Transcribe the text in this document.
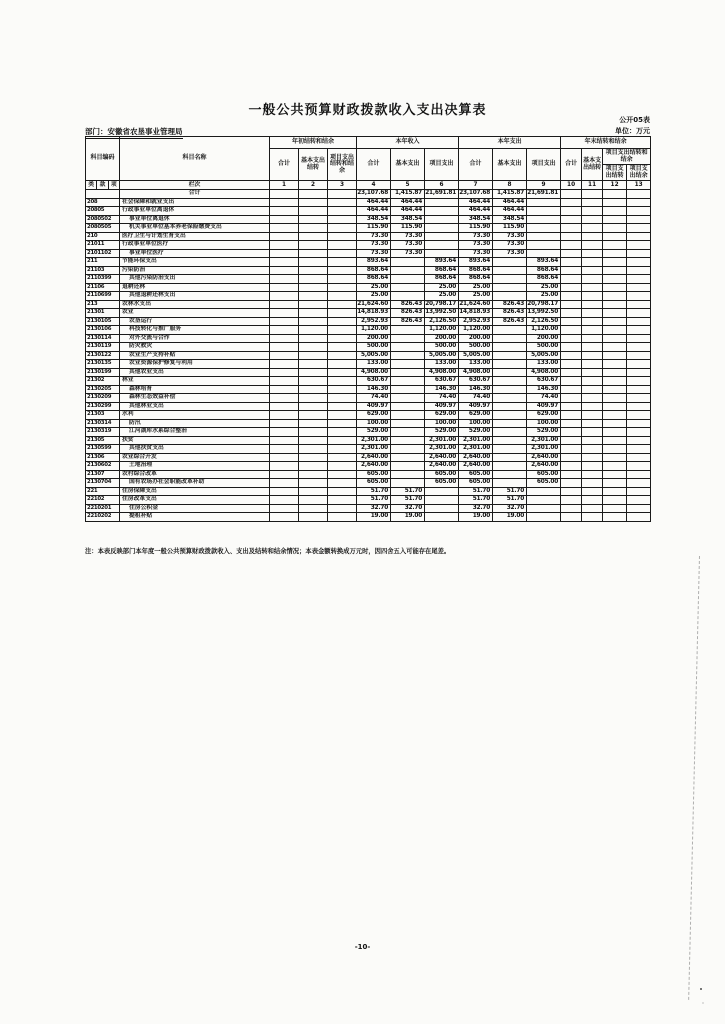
一般公共预算财政拨款收入支出决算表
公开05表
部门：安徽省农垦事业管理局	单位：万元
科目编码	科目名称	年初结转和结余			本年收入			本年支出			年末结转和结余			
		合计	基本支出结转	项目支出结转和结余	合计	基本支出	项目支出	合计	基本支出	项目支出	合计	基本支出结转	项目支出结转和结余	
													项目支出结转	项目支出结余

类 款 项	栏次	1	2	3	4	5	6	7	8	9	10	11	12	13
	合计				23,107.68	1,415.87	21,691.81	23,107.68	1,415.87	21,691.81				
208	社会保障和就业支出				464.44	464.44		464.44	464.44					
20805	行政事业单位离退休				464.44	464.44		464.44	464.44					
2080502	事业单位离退休				348.54	348.54		348.54	348.54					
2080505	机关事业单位基本养老保险缴费支出				115.90	115.90		115.90	115.90					
210	医疗卫生与计划生育支出				73.30	73.30		73.30	73.30					
21011	行政事业单位医疗				73.30	73.30		73.30	73.30					
2101102	事业单位医疗				73.30	73.30		73.30	73.30					
211	节能环保支出				893.64		893.64	893.64		893.64				
21103	污染防治				868.64		868.64	868.64		868.64				
2110399	其他污染防治支出				868.64		868.64	868.64		868.64				
21106	退耕还林				25.00		25.00	25.00		25.00				
2110699	其他退耕还林支出				25.00		25.00	25.00		25.00				
213	农林水支出				21,624.60	826.43	20,798.17	21,624.60	826.43	20,798.17				
21301	农业				14,818.93	826.43	13,992.50	14,818.93	826.43	13,992.50				
2130105	农垦运行				2,952.93	826.43	2,126.50	2,952.93	826.43	2,126.50				
2130106	科技转化与推广服务				1,120.00		1,120.00	1,120.00		1,120.00				
2130114	对外交流与合作				200.00		200.00	200.00		200.00				
2130119	防灾救灾				500.00		500.00	500.00		500.00				
2130122	农业生产支持补贴				5,005.00		5,005.00	5,005.00		5,005.00				
2130135	农业资源保护修复与利用				133.00		133.00	133.00		133.00				
2130199	其他农业支出				4,908.00		4,908.00	4,908.00		4,908.00				
21302	林业				630.67		630.67	630.67		630.67				
2130205	森林培育				146.30		146.30	146.30		146.30				
2130209	森林生态效益补偿				74.40		74.40	74.40		74.40				
2130299	其他林业支出				409.97		409.97	409.97		409.97				
21303	水利				629.00		629.00	629.00		629.00				
2130314	防汛				100.00		100.00	100.00		100.00				
2130319	江河湖库水系综合整治				529.00		529.00	529.00		529.00				
21305	扶贫				2,301.00		2,301.00	2,301.00		2,301.00				
2130599	其他扶贫支出				2,301.00		2,301.00	2,301.00		2,301.00				
21306	农业综合开发				2,640.00		2,640.00	2,640.00		2,640.00				
2130602	土地治理				2,640.00		2,640.00	2,640.00		2,640.00				
21307	农村综合改革				605.00		605.00	605.00		605.00				
2130704	国有农场办社会职能改革补助				605.00		605.00	605.00		605.00				
221	住房保障支出				51.70	51.70		51.70	51.70					
22102	住房改革支出				51.70	51.70		51.70	51.70					
2210201	住房公积金				32.70	32.70		32.70	32.70					
2210202	提租补贴				19.00	19.00		19.00	19.00					
注：本表反映部门本年度一般公共预算财政拨款收入、支出及结转和结余情况；本表金额转换成万元时，因四舍五入可能存在尾差。
-10-
